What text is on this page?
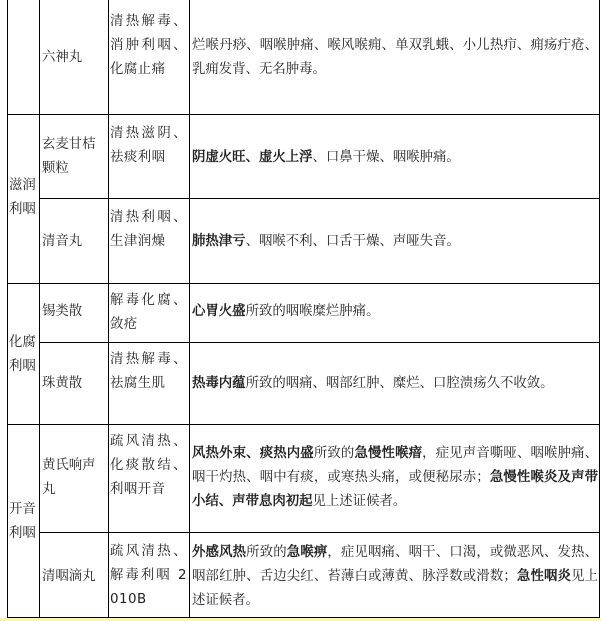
滋润利咽
化腐利咽
开音利咽
六神丸
玄麦甘桔颗粒
清音丸
锡类散
珠黄散
黄氏响声丸
清咽滴丸
清热解毒、消肿利咽、化腐止痛
清热滋阴、祛痰利咽
清热利咽、生津润燥
解毒化腐、敛疮
清热解毒、祛腐生肌
疏风清热、化痰散结、利咽开音
疏风清热、解毒利咽 2010B
烂喉丹痧、咽喉肿痛、喉风喉痈、单双乳蛾、小儿热疖、痈疡疔疮、乳痈发背、无名肿毒。
阴虚火旺、虚火上浮、口鼻干燥、咽喉肿痛。
肺热津亏、咽喉不利、口舌干燥、声哑失音。
心胃火盛所致的咽喉糜烂肿痛。
热毒内蕴所致的咽痛、咽部红肿、糜烂、口腔溃疡久不收敛。
风热外束、痰热内盛所致的急慢性喉瘖，症见声音嘶哑、咽喉肿痛、咽干灼热、咽中有痰，或寒热头痛，或便秘尿赤；急慢性喉炎及声带小结、声带息肉初起见上述证候者。
外感风热所致的急喉痹，症见咽痛、咽干、口渴，或微恶风、发热、咽部红肿、舌边尖红、苔薄白或薄黄、脉浮数或滑数；急性咽炎见上述证候者。
